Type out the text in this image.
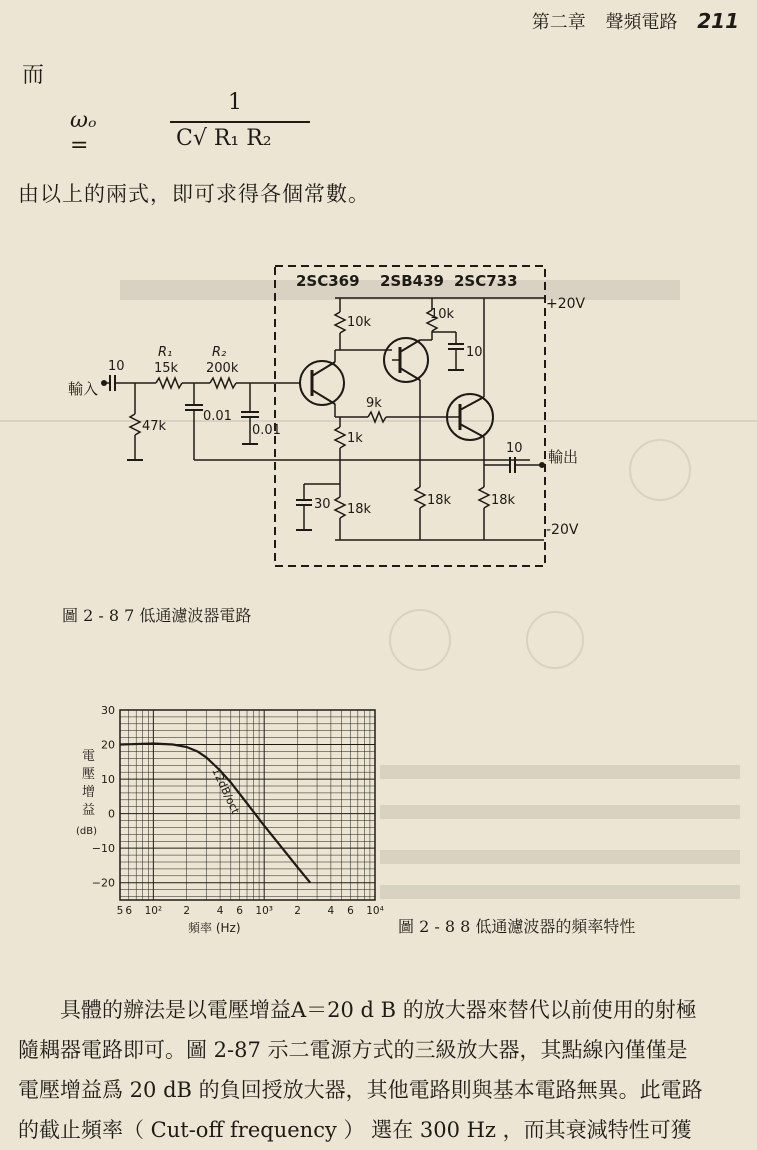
第二章 聲頻電路 211
而
ωₒ =
1
C√ R₁ R₂
由以上的兩式，即可求得各個常數。
2SC369 2SB439 2SC733
+20V
-20V
輸入
10
R₁
15k
R₂
200k
47k
0.01
0.01
10k
9k
1k
18k
30
10k
10
18k	18k
10 輸出
圖 2 - 8 7 低通濾波器電路
30
20
10
0
−10
−20
5 6 10² 2	4 6 10³ 2	4 6 10⁴
12dB/oct
電
壓
增
益
(dB)
頻率 (Hz)	圖 2 - 8 8 低通濾波器的頻率特性

具體的辦法是以電壓增益A＝20 d B 的放大器來替代以前使用的射極

隨耦器電路即可。圖 2-87 示二電源方式的三級放大器，其點線內僅僅是

電壓增益爲 20 dB 的負回授放大器，其他電路則與基本電路無異。此電路

的截止頻率（ Cut-off frequency ） 選在 300 Hz ，而其衰減特性可獲
